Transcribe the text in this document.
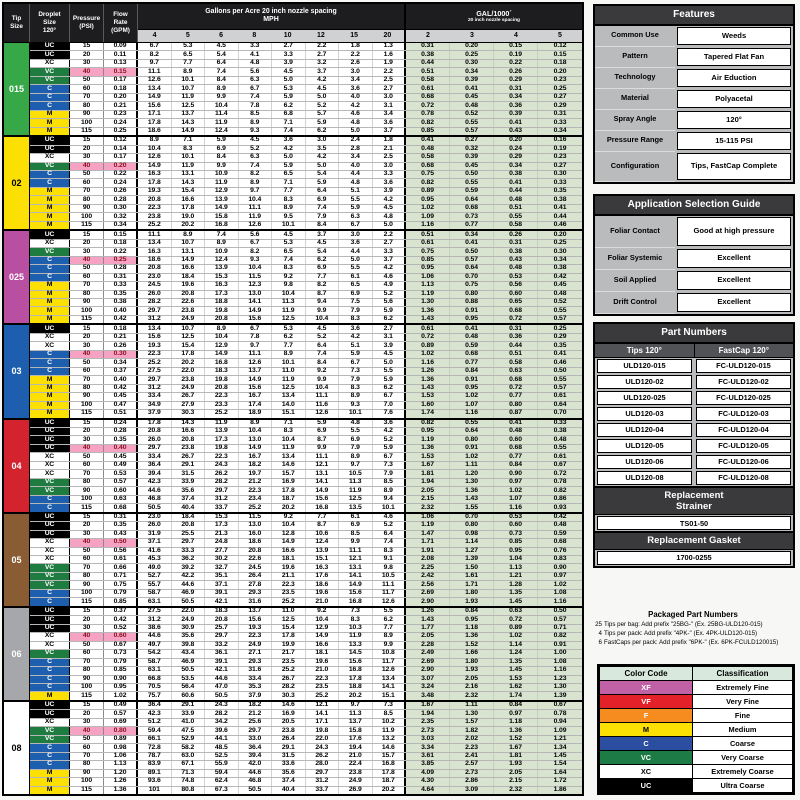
Tip
Size
Droplet
Size
120°
Pressure
(PSI)
Flow
Rate
(GPM)
Gallons per Acre 20 inch nozzle spacing
MPH
4	5	6	8	10	12	15	20
GAL/1000´
20 inch nozzle spacing
2	3	4	5
015
UC	15	0.09	6.7	5.3	4.5	3.3	2.7	2.2	1.8	1.3	0.31	0.20	0.15	0.12
UC	20	0.11	8.2	6.5	5.4	4.1	3.3	2.7	2.2	1.6	0.38	0.25	0.19	0.15
XC	30	0.13	9.7	7.7	6.4	4.8	3.9	3.2	2.6	1.9	0.44	0.30	0.22	0.18
VC	40	0.15	11.1	8.9	7.4	5.6	4.5	3.7	3.0	2.2	0.51	0.34	0.26	0.20
VC	50	0.17	12.6	10.1	8.4	6.3	5.0	4.2	3.4	2.5	0.58	0.39	0.29	0.23
C	60	0.18	13.4	10.7	8.9	6.7	5.3	4.5	3.6	2.7	0.61	0.41	0.31	0.25
C	70	0.20	14.9	11.9	9.9	7.4	5.9	5.0	4.0	3.0	0.68	0.45	0.34	0.27
C	80	0.21	15.6	12.5	10.4	7.8	6.2	5.2	4.2	3.1	0.72	0.48	0.36	0.29
M	90	0.23	17.1	13.7	11.4	8.5	6.8	5.7	4.6	3.4	0.78	0.52	0.39	0.31
M	100	0.24	17.8	14.3	11.9	8.9	7.1	5.9	4.8	3.6	0.82	0.55	0.41	0.33
M	115	0.25	18.6	14.9	12.4	9.3	7.4	6.2	5.0	3.7	0.85	0.57	0.43	0.34
02
UC	15	0.12	8.9	7.1	5.9	4.5	3.6	3.0	2.4	1.8	0.41	0.27	0.20	0.16
UC	20	0.14	10.4	8.3	6.9	5.2	4.2	3.5	2.8	2.1	0.48	0.32	0.24	0.19
XC	30	0.17	12.6	10.1	8.4	6.3	5.0	4.2	3.4	2.5	0.58	0.39	0.29	0.23
VC	40	0.20	14.9	11.9	9.9	7.4	5.9	5.0	4.0	3.0	0.68	0.45	0.34	0.27
C	50	0.22	16.3	13.1	10.9	8.2	6.5	5.4	4.4	3.3	0.75	0.50	0.38	0.30
C	60	0.24	17.8	14.3	11.9	8.9	7.1	5.9	4.8	3.6	0.82	0.55	0.41	0.33
M	70	0.26	19.3	15.4	12.9	9.7	7.7	6.4	5.1	3.9	0.89	0.59	0.44	0.35
M	80	0.28	20.8	16.6	13.9	10.4	8.3	6.9	5.5	4.2	0.95	0.64	0.48	0.38
M	90	0.30	22.3	17.8	14.9	11.1	8.9	7.4	5.9	4.5	1.02	0.68	0.51	0.41
M	100	0.32	23.8	19.0	15.8	11.9	9.5	7.9	6.3	4.8	1.09	0.73	0.55	0.44
M	115	0.34	25.2	20.2	16.8	12.6	10.1	8.4	6.7	5.0	1.16	0.77	0.58	0.46
025
UC	15	0.15	11.1	8.9	7.4	5.6	4.5	3.7	3.0	2.2	0.51	0.34	0.26	0.20
XC	20	0.18	13.4	10.7	8.9	6.7	5.3	4.5	3.6	2.7	0.61	0.41	0.31	0.25
VC	30	0.22	16.3	13.1	10.9	8.2	6.5	5.4	4.4	3.3	0.75	0.50	0.38	0.30
C	40	0.25	18.6	14.9	12.4	9.3	7.4	6.2	5.0	3.7	0.85	0.57	0.43	0.34
C	50	0.28	20.8	16.6	13.9	10.4	8.3	6.9	5.5	4.2	0.95	0.64	0.48	0.38
C	60	0.31	23.0	18.4	15.3	11.5	9.2	7.7	6.1	4.6	1.06	0.70	0.53	0.42
M	70	0.33	24.5	19.6	16.3	12.3	9.8	8.2	6.5	4.9	1.13	0.75	0.56	0.45
M	80	0.35	26.0	20.8	17.3	13.0	10.4	8.7	6.9	5.2	1.19	0.80	0.60	0.48
M	90	0.38	28.2	22.6	18.8	14.1	11.3	9.4	7.5	5.6	1.30	0.88	0.65	0.52
M	100	0.40	29.7	23.8	19.8	14.9	11.9	9.9	7.9	5.9	1.36	0.91	0.68	0.55
M	115	0.42	31.2	24.9	20.8	15.6	12.5	10.4	8.3	6.2	1.43	0.95	0.72	0.57
03
UC	15	0.18	13.4	10.7	8.9	6.7	5.3	4.5	3.6	2.7	0.61	0.41	0.31	0.25
XC	20	0.21	15.6	12.5	10.4	7.8	6.2	5.2	4.2	3.1	0.72	0.48	0.36	0.29
XC	30	0.26	19.3	15.4	12.9	9.7	7.7	6.4	5.1	3.9	0.89	0.59	0.44	0.35
C	40	0.30	22.3	17.8	14.9	11.1	8.9	7.4	5.9	4.5	1.02	0.68	0.51	0.41
C	50	0.34	25.2	20.2	16.8	12.6	10.1	8.4	6.7	5.0	1.16	0.77	0.58	0.46
C	60	0.37	27.5	22.0	18.3	13.7	11.0	9.2	7.3	5.5	1.26	0.84	0.63	0.50
M	70	0.40	29.7	23.8	19.8	14.9	11.9	9.9	7.9	5.9	1.36	0.91	0.68	0.55
M	80	0.42	31.2	24.9	20.8	15.6	12.5	10.4	8.3	6.2	1.43	0.95	0.72	0.57
M	90	0.45	33.4	26.7	22.3	16.7	13.4	11.1	8.9	6.7	1.53	1.02	0.77	0.61
M	100	0.47	34.9	27.9	23.3	17.4	14.0	11.6	9.3	7.0	1.60	1.07	0.80	0.64
M	115	0.51	37.9	30.3	25.2	18.9	15.1	12.6	10.1	7.6	1.74	1.16	0.87	0.70
04
UC	15	0.24	17.8	14.3	11.9	8.9	7.1	5.9	4.8	3.6	0.82	0.55	0.41	0.33
UC	20	0.28	20.8	16.6	13.9	10.4	8.3	6.9	5.5	4.2	0.95	0.64	0.48	0.38
UC	30	0.35	26.0	20.8	17.3	13.0	10.4	8.7	6.9	5.2	1.19	0.80	0.60	0.48
UC	40	0.40	29.7	23.8	19.8	14.9	11.9	9.9	7.9	5.9	1.36	0.91	0.68	0.55
XC	50	0.45	33.4	26.7	22.3	16.7	13.4	11.1	8.9	6.7	1.53	1.02	0.77	0.61
XC	60	0.49	36.4	29.1	24.3	18.2	14.6	12.1	9.7	7.3	1.67	1.11	0.84	0.67
XC	70	0.53	39.4	31.5	26.2	19.7	15.7	13.1	10.5	7.9	1.81	1.20	0.90	0.72
VC	80	0.57	42.3	33.9	28.2	21.2	16.9	14.1	11.3	8.5	1.94	1.30	0.97	0.78
VC	90	0.60	44.6	35.6	29.7	22.3	17.8	14.9	11.9	8.9	2.05	1.36	1.02	0.82
C	100	0.63	46.8	37.4	31.2	23.4	18.7	15.6	12.5	9.4	2.15	1.43	1.07	0.86
C	115	0.68	50.5	40.4	33.7	25.2	20.2	16.8	13.5	10.1	2.32	1.55	1.16	0.93
05
UC	15	0.31	23.0	18.4	15.3	11.5	9.2	7.7	6.1	4.6	1.06	0.70	0.53	0.42
UC	20	0.35	26.0	20.8	17.3	13.0	10.4	8.7	6.9	5.2	1.19	0.80	0.60	0.48
UC	30	0.43	31.9	25.5	21.3	16.0	12.8	10.6	8.5	6.4	1.47	0.98	0.73	0.59
XC	40	0.50	37.1	29.7	24.8	18.6	14.9	12.4	9.9	7.4	1.71	1.14	0.85	0.68
XC	50	0.56	41.6	33.3	27.7	20.8	16.6	13.9	11.1	8.3	1.91	1.27	0.95	0.76
XC	60	0.61	45.3	36.2	30.2	22.6	18.1	15.1	12.1	9.1	2.08	1.39	1.04	0.83
VC	70	0.66	49.0	39.2	32.7	24.5	19.6	16.3	13.1	9.8	2.25	1.50	1.13	0.90
VC	80	0.71	52.7	42.2	35.1	26.4	21.1	17.6	14.1	10.5	2.42	1.61	1.21	0.97
VC	90	0.75	55.7	44.6	37.1	27.8	22.3	18.6	14.9	11.1	2.56	1.71	1.28	1.02
C	100	0.79	58.7	46.9	39.1	29.3	23.5	19.6	15.6	11.7	2.69	1.80	1.35	1.08
C	115	0.85	63.1	50.5	42.1	31.6	25.2	21.0	16.8	12.6	2.90	1.93	1.45	1.16
06
UC	15	0.37	27.5	22.0	18.3	13.7	11.0	9.2	7.3	5.5	1.26	0.84	0.63	0.50
UC	20	0.42	31.2	24.9	20.8	15.6	12.5	10.4	8.3	6.2	1.43	0.95	0.72	0.57
UC	30	0.52	38.6	30.9	25.7	19.3	15.4	12.9	10.3	7.7	1.77	1.18	0.89	0.71
XC	40	0.60	44.6	35.6	29.7	22.3	17.8	14.9	11.9	8.9	2.05	1.36	1.02	0.82
XC	50	0.67	49.7	39.8	33.2	24.9	19.9	16.6	13.3	9.9	2.28	1.52	1.14	0.91
VC	60	0.73	54.2	43.4	36.1	27.1	21.7	18.1	14.5	10.8	2.49	1.66	1.24	1.00
C	70	0.79	58.7	46.9	39.1	29.3	23.5	19.6	15.6	11.7	2.69	1.80	1.35	1.08
C	80	0.85	63.1	50.5	42.1	31.6	25.2	21.0	16.8	12.6	2.90	1.93	1.45	1.16
C	90	0.90	66.8	53.5	44.6	33.4	26.7	22.3	17.8	13.4	3.07	2.05	1.53	1.23
C	100	0.95	70.5	56.4	47.0	35.3	28.2	23.5	18.8	14.1	3.24	2.16	1.62	1.30
M	115	1.02	75.7	60.6	50.5	37.9	30.3	25.2	20.2	15.1	3.48	2.32	1.74	1.39
08
UC	15	0.49	36.4	29.1	24.3	18.2	14.6	12.1	9.7	7.3	1.67	1.11	0.84	0.67
UC	20	0.57	42.3	33.9	28.2	21.2	16.9	14.1	11.3	8.5	1.94	1.30	0.97	0.78
XC	30	0.69	51.2	41.0	34.2	25.6	20.5	17.1	13.7	10.2	2.35	1.57	1.18	0.94
VC	40	0.80	59.4	47.5	39.6	29.7	23.8	19.8	15.8	11.9	2.73	1.82	1.36	1.09
VC	50	0.89	66.1	52.9	44.1	33.0	26.4	22.0	17.6	13.2	3.03	2.02	1.52	1.21
C	60	0.98	72.8	58.2	48.5	36.4	29.1	24.3	19.4	14.6	3.34	2.23	1.67	1.34
C	70	1.06	78.7	63.0	52.5	39.4	31.5	26.2	21.0	15.7	3.61	2.41	1.81	1.45
C	80	1.13	83.9	67.1	55.9	42.0	33.6	28.0	22.4	16.8	3.85	2.57	1.93	1.54
M	90	1.20	89.1	71.3	59.4	44.6	35.6	29.7	23.8	17.8	4.09	2.73	2.05	1.64
M	100	1.26	93.6	74.8	62.4	46.8	37.4	31.2	24.9	18.7	4.30	2.86	2.15	1.72
M	115	1.36	101	80.8	67.3	50.5	40.4	33.7	26.9	20.2	4.64	3.09	2.32	1.86
Features
Common Use	Weeds
Pattern	Tapered Flat Fan
Technology	Air Eduction
Material	Polyacetal
Spray Angle	120°
Pressure Range	15-115 PSI
Configuration	Tips, FastCap Complete
Application Selection Guide
Foliar Contact	Good at high pressure
Foliar Systemic	Excellent
Soil Applied	Excellent
Drift Control	Excellent
Part Numbers
Tips 120°	FastCap 120°
ULD120-015	FC-ULD120-015
ULD120-02	FC-ULD120-02
ULD120-025	FC-ULD120-025
ULD120-03	FC-ULD120-03
ULD120-04	FC-ULD120-04
ULD120-05	FC-ULD120-05
ULD120-06	FC-ULD120-06
ULD120-08	FC-ULD120-08
Replacement
Strainer
TS01-50
Replacement Gasket
1700-0255
Packaged Part Numbers
25 Tips per bag: Add prefix "25BG-" (Ex. 25BG-ULD120-015)
4 Tips per pack: Add prefix "4PK-" (Ex. 4PK-ULD120-015)
6 FastCaps per pack: Add prefix "6PK-" (Ex. 6PK-FCULD120015)
Color Code	Classification
XF	Extremely Fine
VF	Very Fine
F	Fine
M	Medium
C	Coarse
VC	Very Coarse
XC	Extremely Coarse
UC	Ultra Coarse
